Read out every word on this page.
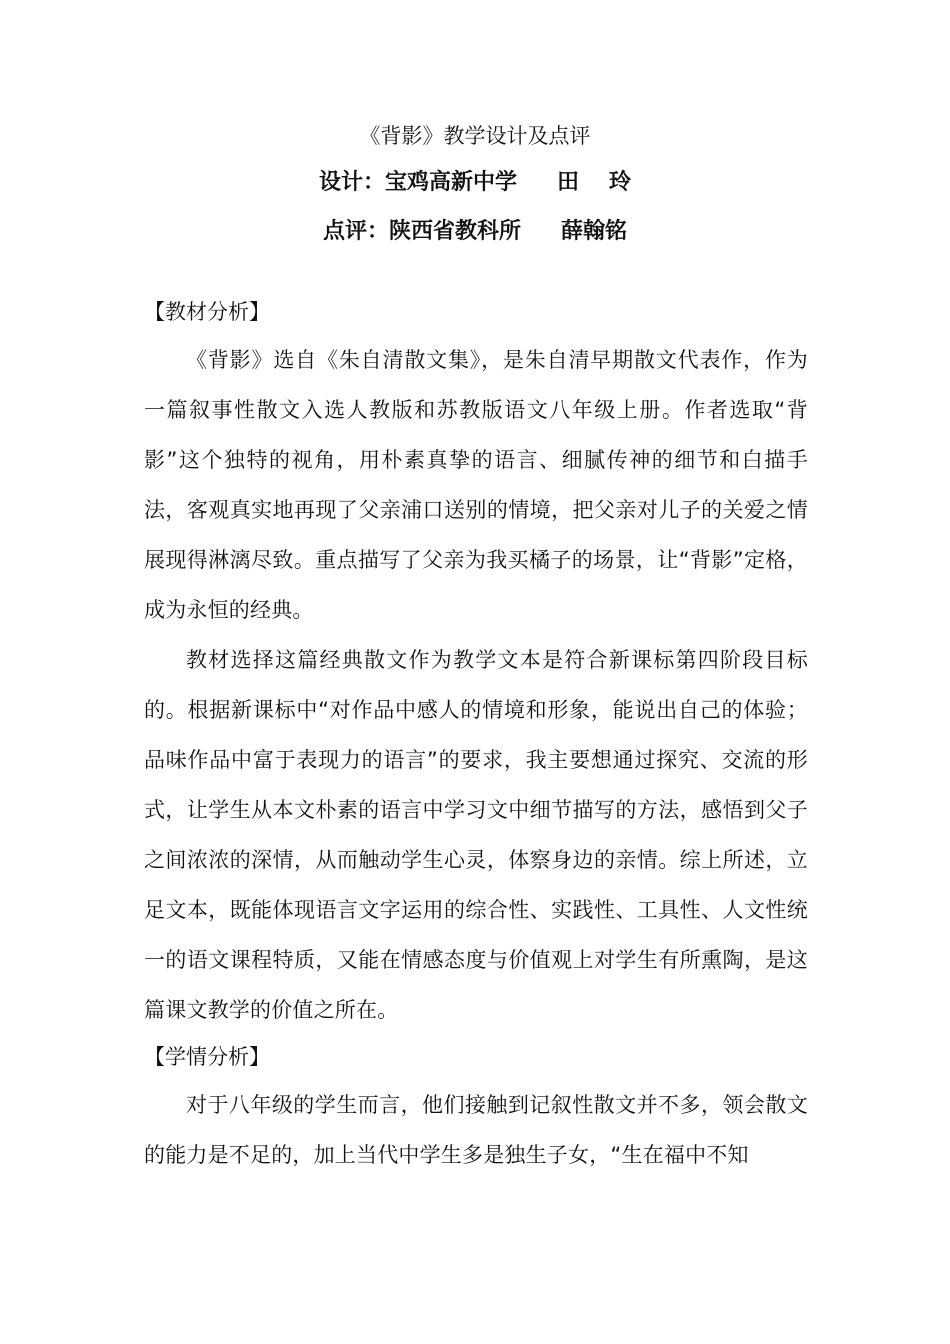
《背影》教学设计及点评
设计：宝鸡高新中学 田 玲
点评：陕西省教科所 薛翰铭

【教材分析】

《背影》选自《朱自清散文集》，是朱自清早期散文代表作，作为一篇叙事性散文入选人教版和苏教版语文八年级上册。作者选取“背影”这个独特的视角，用朴素真挚的语言、细腻传神的细节和白描手法，客观真实地再现了父亲浦口送别的情境，把父亲对儿子的关爱之情展现得淋漓尽致。重点描写了父亲为我买橘子的场景，让“背影”定格，成为永恒的经典。

教材选择这篇经典散文作为教学文本是符合新课标第四阶段目标的。根据新课标中“对作品中感人的情境和形象，能说出自己的体验；品味作品中富于表现力的语言”的要求，我主要想通过探究、交流的形式，让学生从本文朴素的语言中学习文中细节描写的方法，感悟到父子之间浓浓的深情，从而触动学生心灵，体察身边的亲情。综上所述，立足文本，既能体现语言文字运用的综合性、实践性、工具性、人文性统一的语文课程特质，又能在情感态度与价值观上对学生有所熏陶，是这篇课文教学的价值之所在。

【学情分析】

对于八年级的学生而言，他们接触到记叙性散文并不多，领会散文的能力是不足的，加上当代中学生多是独生子女，“生在福中不知
